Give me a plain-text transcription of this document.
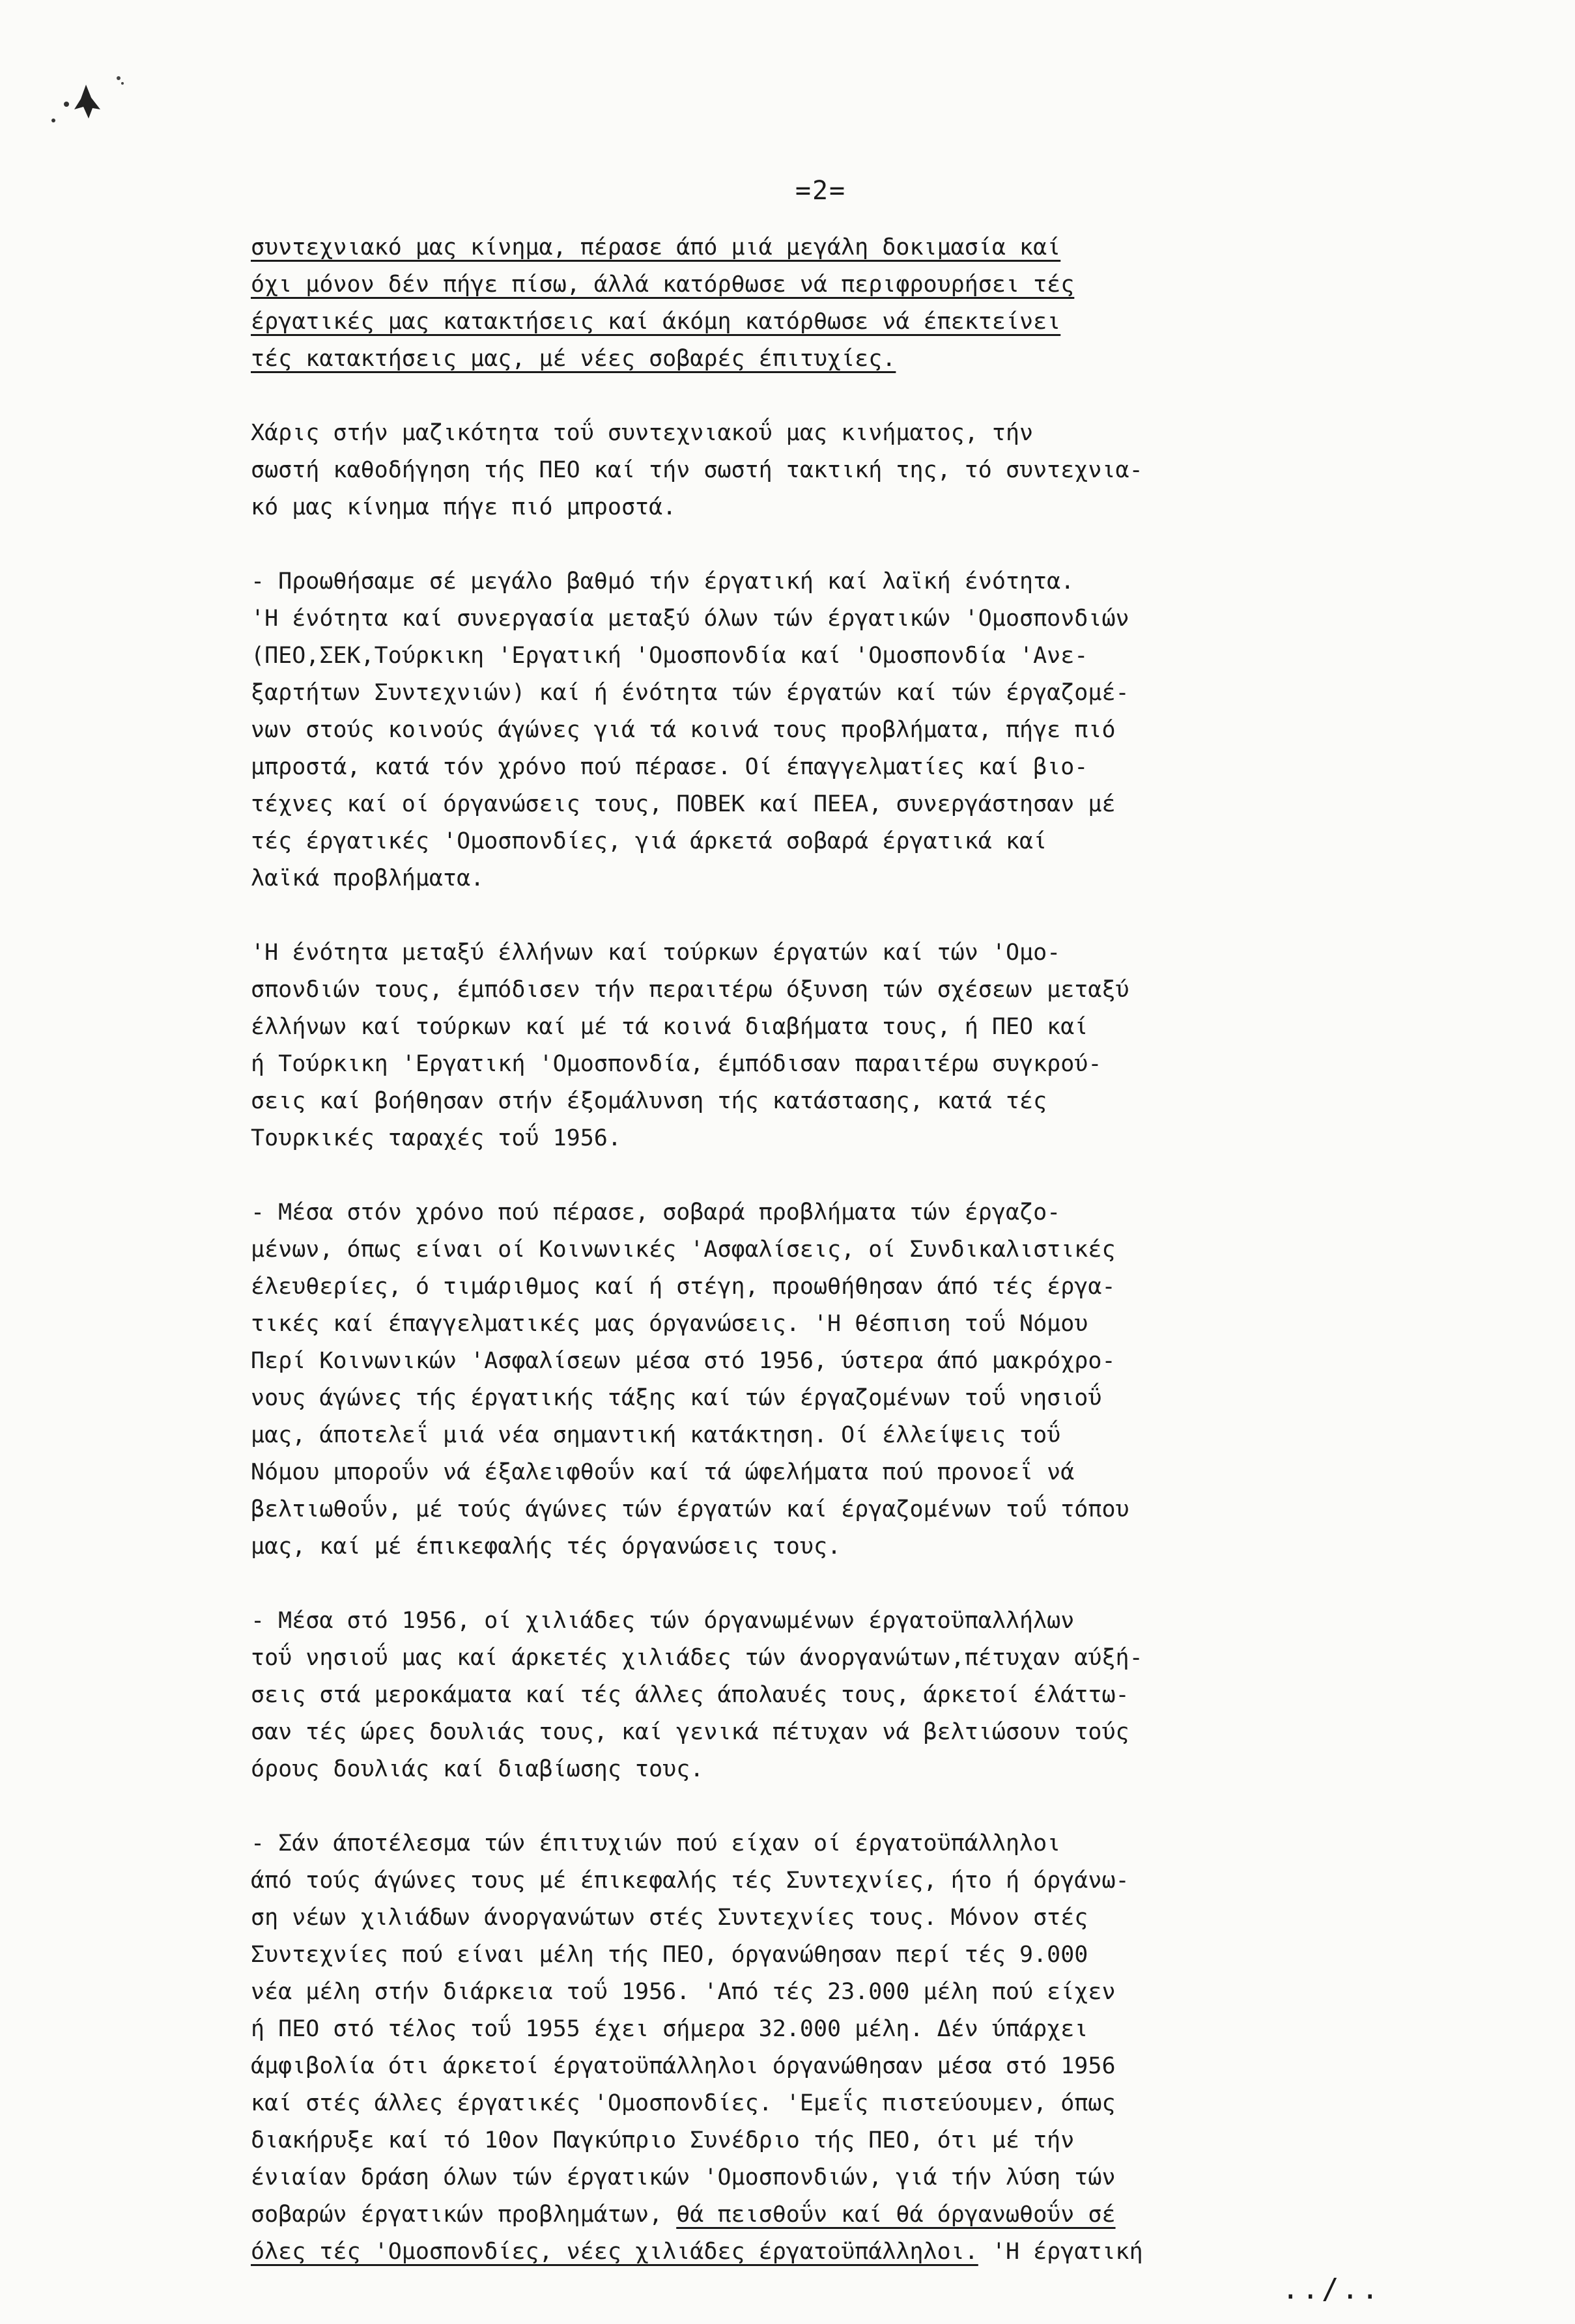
=2=
συντεχνιακό μας κίνημα, πέρασε άπό μιά μεγάλη δοκιμασία καί
όχι μόνον δέν πήγε πίσω, άλλά κατόρθωσε νά περιφρουρήσει τές
έργατικές μας κατακτήσεις καί άκόμη κατόρθωσε νά έπεκτείνει
τές κατακτήσεις μας, μέ νέες σοβαρές έπιτυχίες.
Χάρις στήν μαζικότητα τοΰ συντεχνιακοΰ μας κινήματος, τήν
σωστή καθοδήγηση τής ΠΕΟ καί τήν σωστή τακτική της, τό συντεχνια-
κό μας κίνημα πήγε πιό μπροστά.
- Προωθήσαμε σέ μεγάλο βαθμό τήν έργατική καί λαϊκή ένότητα.
'Η ένότητα καί συνεργασία μεταξύ όλων τών έργατικών 'Ομοσπονδιών
(ΠΕΟ,ΣΕΚ,Τούρκικη 'Εργατική 'Ομοσπονδία καί 'Ομοσπονδία 'Ανε-
ξαρτήτων Συντεχνιών) καί ή ένότητα τών έργατών καί τών έργαζομέ-
νων στούς κοινούς άγώνες γιά τά κοινά τους προβλήματα, πήγε πιό
μπροστά, κατά τόν χρόνο πού πέρασε. Οί έπαγγελματίες καί βιο-
τέχνες καί οί όργανώσεις τους, ΠΟΒΕΚ καί ΠΕΕΑ, συνεργάστησαν μέ
τές έργατικές 'Ομοσπονδίες, γιά άρκετά σοβαρά έργατικά καί
λαϊκά προβλήματα.
'Η ένότητα μεταξύ έλλήνων καί τούρκων έργατών καί τών 'Ομο-
σπονδιών τους, έμπόδισεν τήν περαιτέρω όξυνση τών σχέσεων μεταξύ
έλλήνων καί τούρκων καί μέ τά κοινά διαβήματα τους, ή ΠΕΟ καί
ή Τούρκικη 'Εργατική 'Ομοσπονδία, έμπόδισαν παραιτέρω συγκρού-
σεις καί βοήθησαν στήν έξομάλυνση τής κατάστασης, κατά τές
Τουρκικές ταραχές τοΰ 1956.
- Μέσα στόν χρόνο πού πέρασε, σοβαρά προβλήματα τών έργαζο-
μένων, όπως είναι οί Κοινωνικές 'Ασφαλίσεις, οί Συνδικαλιστικές
έλευθερίες, ό τιμάριθμος καί ή στέγη, προωθήθησαν άπό τές έργα-
τικές καί έπαγγελματικές μας όργανώσεις. 'Η θέσπιση τοΰ Νόμου
Περί Κοινωνικών 'Ασφαλίσεων μέσα στό 1956, ύστερα άπό μακρόχρο-
νους άγώνες τής έργατικής τάξης καί τών έργαζομένων τοΰ νησιοΰ
μας, άποτελεΐ μιά νέα σημαντική κατάκτηση. Οί έλλείψεις τοΰ
Νόμου μποροΰν νά έξαλειφθοΰν καί τά ώφελήματα πού προνοεΐ νά
βελτιωθοΰν, μέ τούς άγώνες τών έργατών καί έργαζομένων τοΰ τόπου
μας, καί μέ έπικεφαλής τές όργανώσεις τους.
- Μέσα στό 1956, οί χιλιάδες τών όργανωμένων έργατοϋπαλλήλων
τοΰ νησιοΰ μας καί άρκετές χιλιάδες τών άνοργανώτων,πέτυχαν αύξή-
σεις στά μεροκάματα καί τές άλλες άπολαυές τους, άρκετοί έλάττω-
σαν τές ώρες δουλιάς τους, καί γενικά πέτυχαν νά βελτιώσουν τούς
όρους δουλιάς καί διαβίωσης τους.
- Σάν άποτέλεσμα τών έπιτυχιών πού είχαν οί έργατοϋπάλληλοι
άπό τούς άγώνες τους μέ έπικεφαλής τές Συντεχνίες, ήτο ή όργάνω-
ση νέων χιλιάδων άνοργανώτων στές Συντεχνίες τους. Μόνον στές
Συντεχνίες πού είναι μέλη τής ΠΕΟ, όργανώθησαν περί τές 9.000
νέα μέλη στήν διάρκεια τοΰ 1956. 'Από τές 23.000 μέλη πού είχεν
ή ΠΕΟ στό τέλος τοΰ 1955 έχει σήμερα 32.000 μέλη. Δέν ύπάρχει
άμφιβολία ότι άρκετοί έργατοϋπάλληλοι όργανώθησαν μέσα στό 1956
καί στές άλλες έργατικές 'Ομοσπονδίες. 'Εμεΐς πιστεύουμεν, όπως
διακήρυξε καί τό 10ον Παγκύπριο Συνέδριο τής ΠΕΟ, ότι μέ τήν
ένιαίαν δράση όλων τών έργατικών 'Ομοσπονδιών, γιά τήν λύση τών
σοβαρών έργατικών προβλημάτων, θά πεισθοΰν καί θά όργανωθοΰν σέ
όλες τές 'Ομοσπονδίες, νέες χιλιάδες έργατοϋπάλληλοι. 'Η έργατική
../..
